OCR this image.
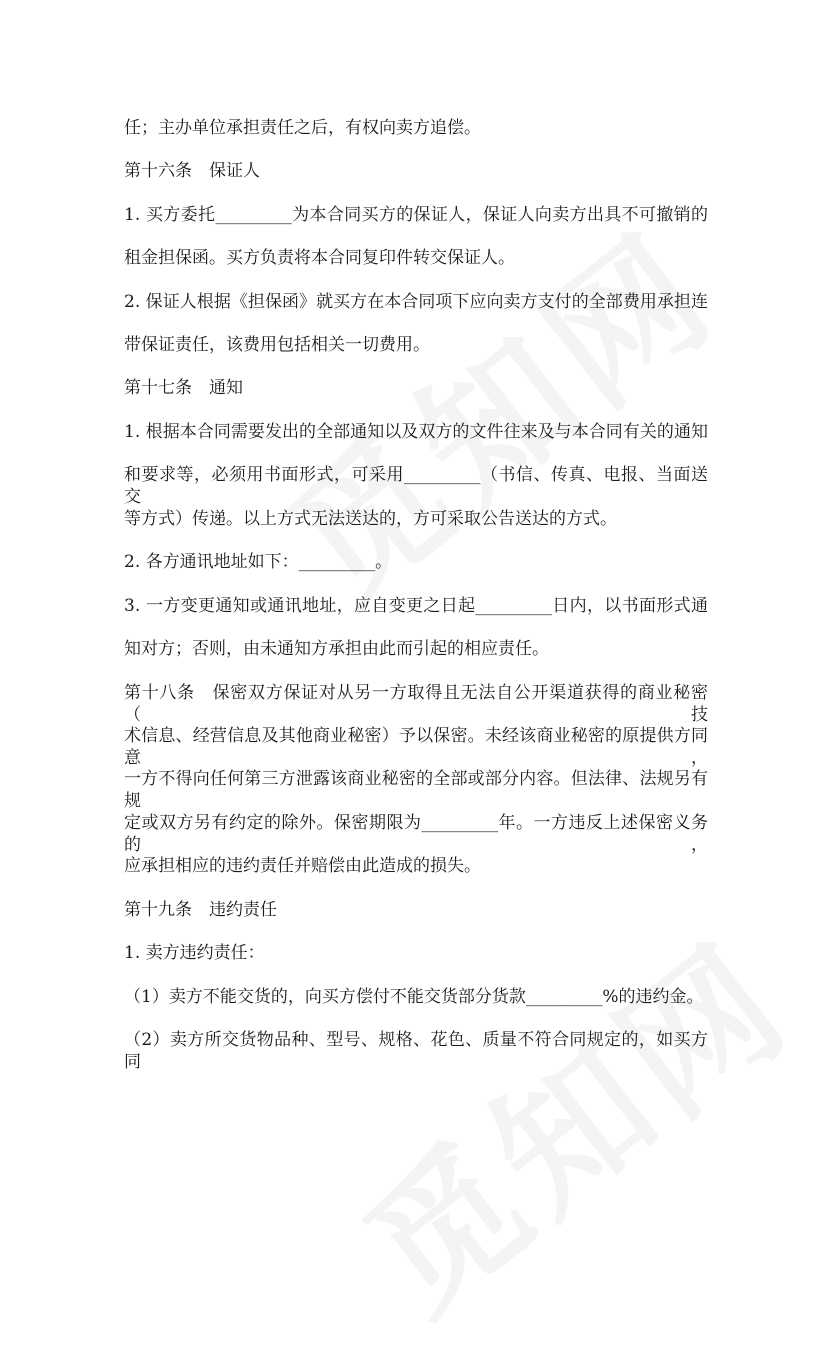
任；主办单位承担责任之后，有权向卖方追偿。
第十六条　保证人
1. 买方委托_________为本合同买方的保证人，保证人向卖方出具不可撤销的
租金担保函。买方负责将本合同复印件转交保证人。
2. 保证人根据《担保函》就买方在本合同项下应向卖方支付的全部费用承担连
带保证责任，该费用包括相关一切费用。
第十七条　通知
1. 根据本合同需要发出的全部通知以及双方的文件往来及与本合同有关的通知
和要求等，必须用书面形式，可采用_________（书信、传真、电报、当面送交
等方式）传递。以上方式无法送达的，方可采取公告送达的方式。
2. 各方通讯地址如下：_________。
3. 一方变更通知或通讯地址，应自变更之日起_________日内，以书面形式通
知对方；否则，由未通知方承担由此而引起的相应责任。
第十八条　保密双方保证对从另一方取得且无法自公开渠道获得的商业秘密（技
术信息、经营信息及其他商业秘密）予以保密。未经该商业秘密的原提供方同意，
一方不得向任何第三方泄露该商业秘密的全部或部分内容。但法律、法规另有规
定或双方另有约定的除外。保密期限为_________年。一方违反上述保密义务的，
应承担相应的违约责任并赔偿由此造成的损失。
第十九条　违约责任
1. 卖方违约责任：
（1）卖方不能交货的，向买方偿付不能交货部分货款_________%的违约金。
（2）卖方所交货物品种、型号、规格、花色、质量不符合同规定的，如买方同
